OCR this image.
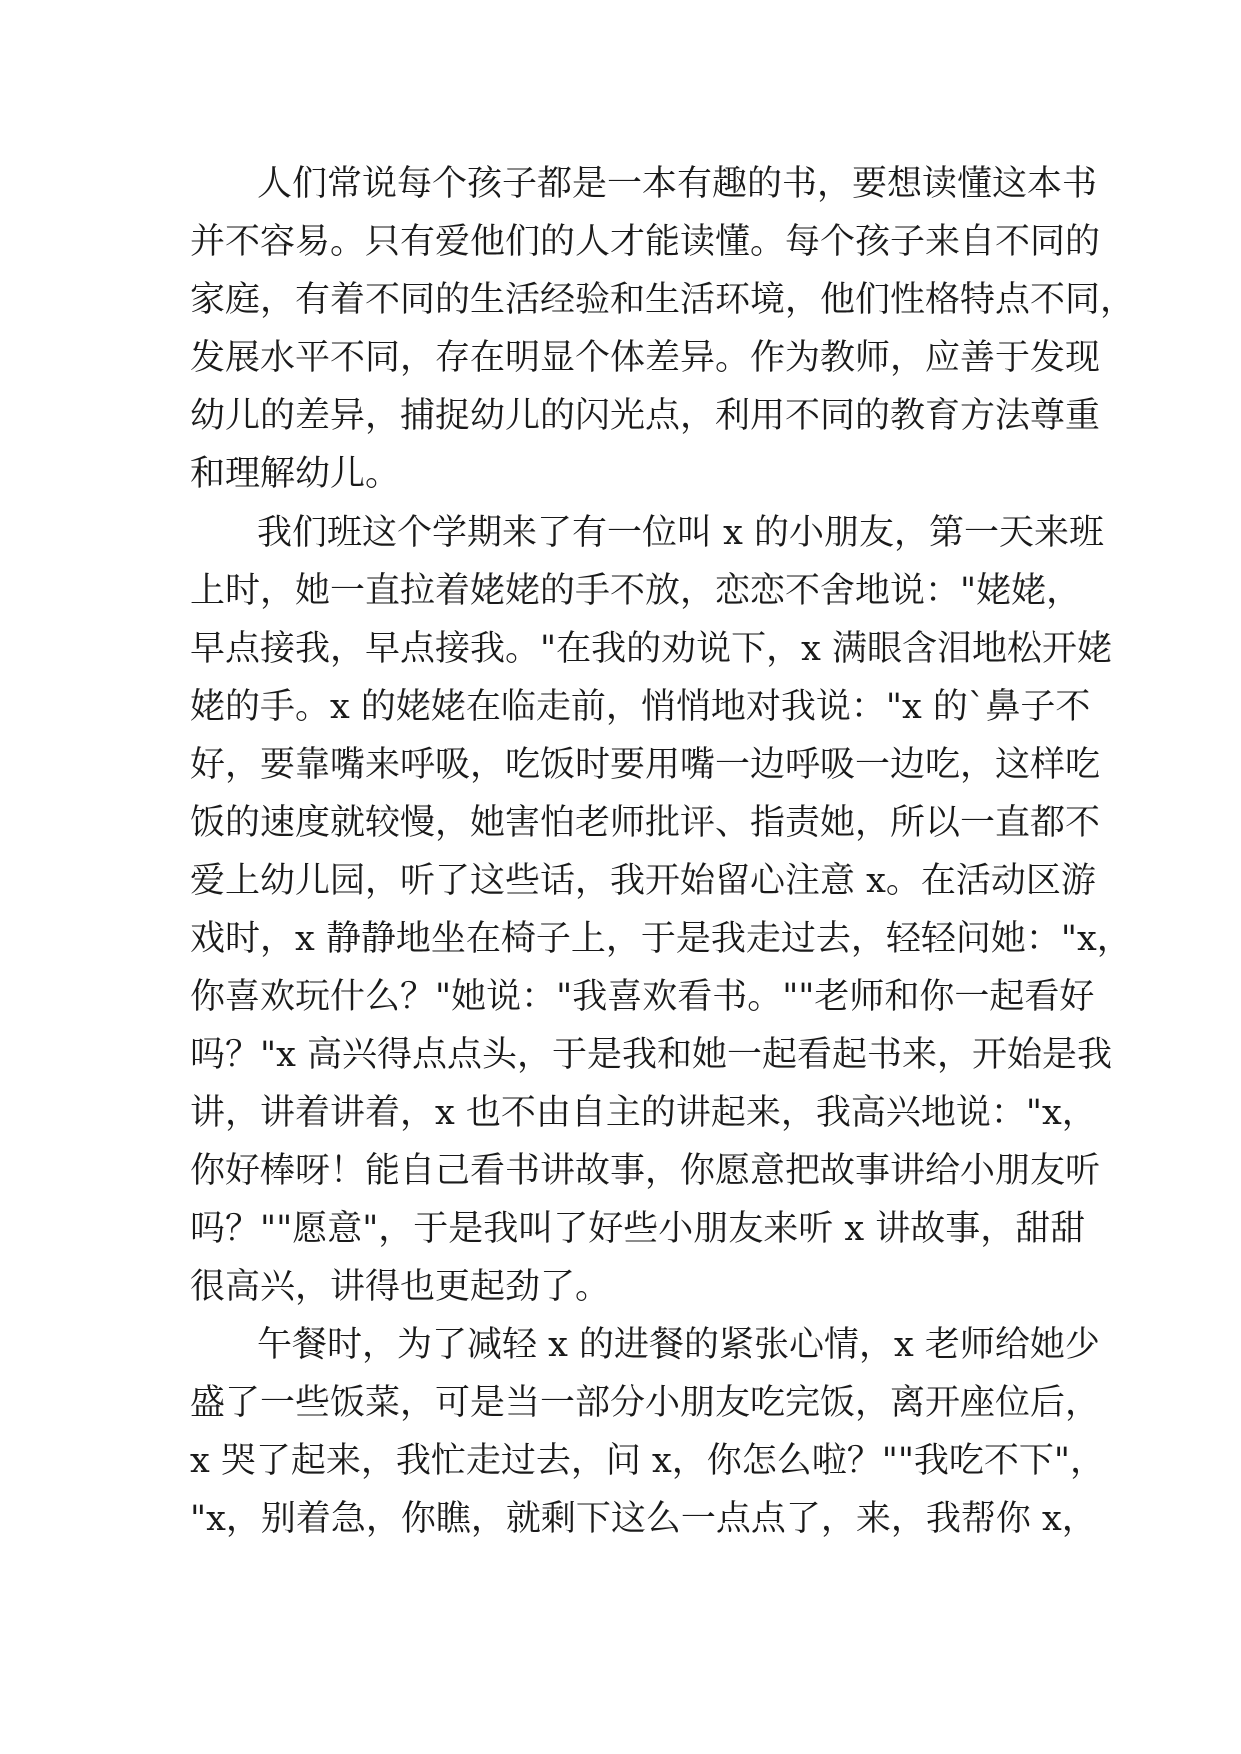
人们常说每个孩子都是一本有趣的书，要想读懂这本书
并不容易。只有爱他们的人才能读懂。每个孩子来自不同的
家庭，有着不同的生活经验和生活环境，他们性格特点不同，
发展水平不同，存在明显个体差异。作为教师，应善于发现
幼儿的差异，捕捉幼儿的闪光点，利用不同的教育方法尊重
和理解幼儿。
我们班这个学期来了有一位叫 x 的小朋友，第一天来班
上时，她一直拉着姥姥的手不放，恋恋不舍地说："姥姥，
早点接我，早点接我。"在我的劝说下，x 满眼含泪地松开姥
姥的手。x 的姥姥在临走前，悄悄地对我说："x 的`鼻子不
好，要靠嘴来呼吸，吃饭时要用嘴一边呼吸一边吃，这样吃
饭的速度就较慢，她害怕老师批评、指责她，所以一直都不
爱上幼儿园，听了这些话，我开始留心注意 x。在活动区游
戏时，x 静静地坐在椅子上，于是我走过去，轻轻问她："x，
你喜欢玩什么？"她说："我喜欢看书。""老师和你一起看好
吗？"x 高兴得点点头，于是我和她一起看起书来，开始是我
讲，讲着讲着，x 也不由自主的讲起来，我高兴地说："x，
你好棒呀！能自己看书讲故事，你愿意把故事讲给小朋友听
吗？""愿意"，于是我叫了好些小朋友来听 x 讲故事，甜甜
很高兴，讲得也更起劲了。
午餐时，为了减轻 x 的进餐的紧张心情，x 老师给她少
盛了一些饭菜，可是当一部分小朋友吃完饭，离开座位后，
x 哭了起来，我忙走过去，问 x，你怎么啦？""我吃不下"，
"x，别着急，你瞧，就剩下这么一点点了，来，我帮你 x，
